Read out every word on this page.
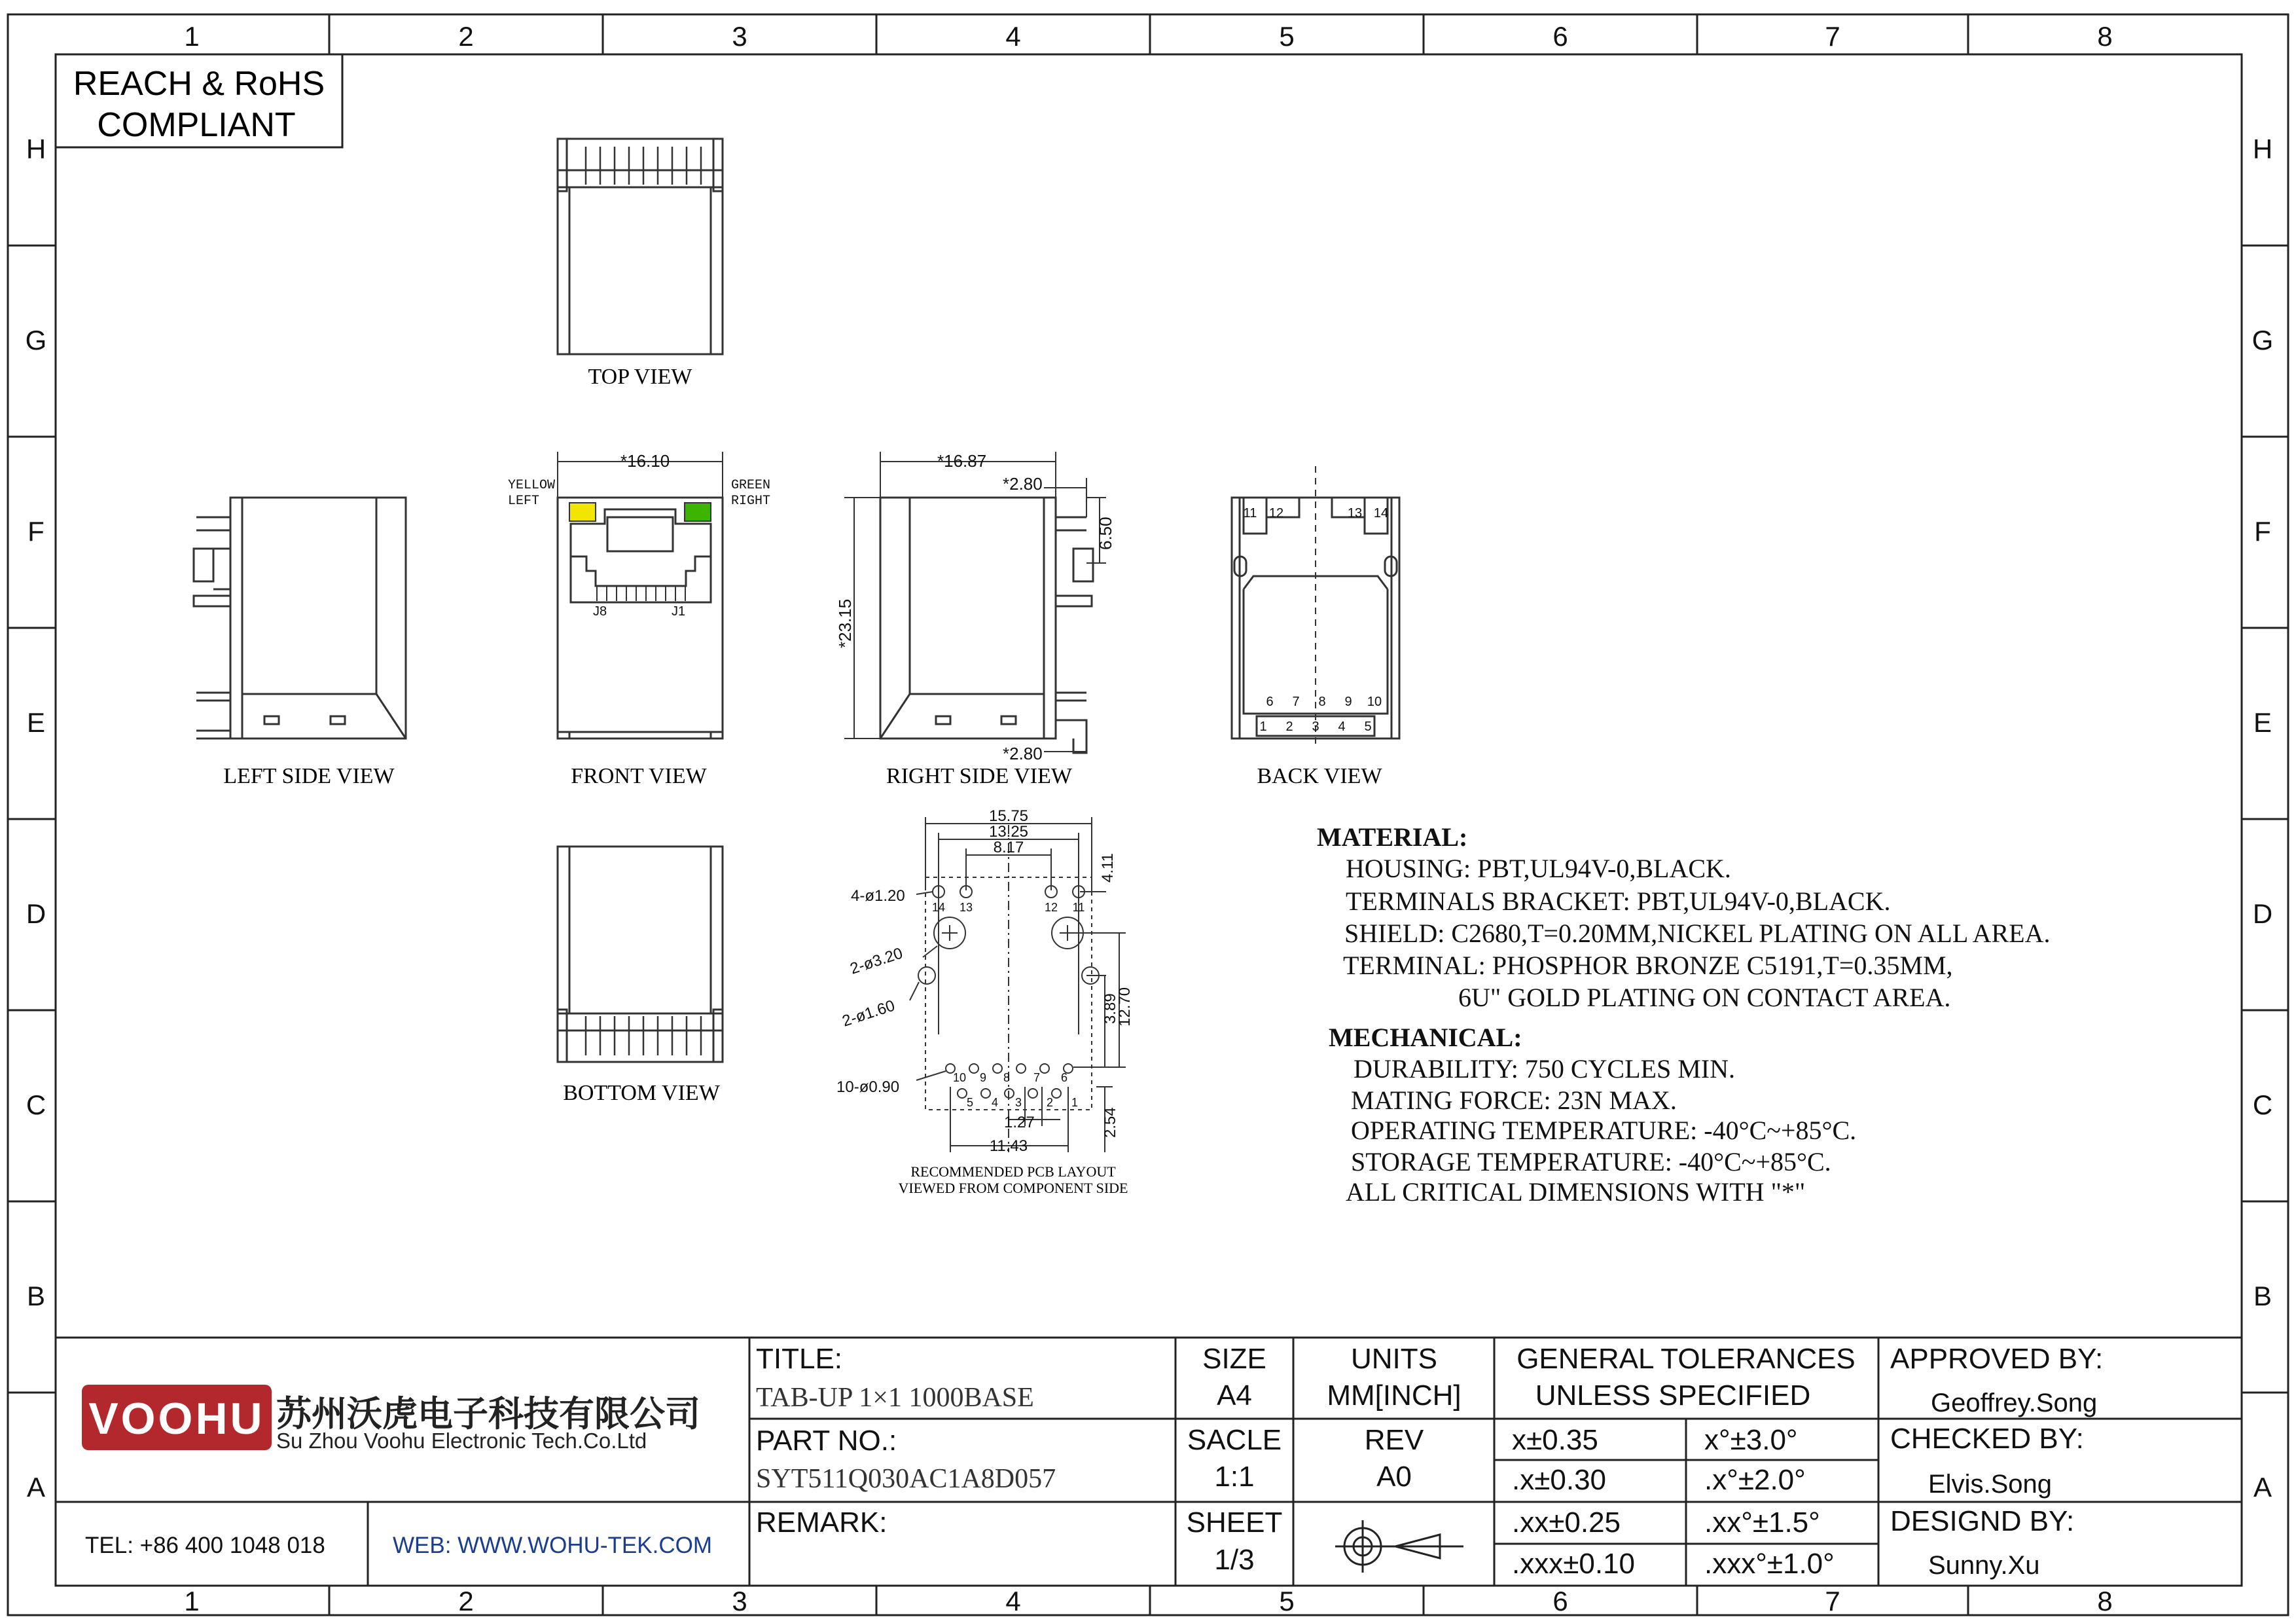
1	2	3	4	5	6	7	8
1	2	3	4	5	6	7	8
H
G
F
E
D
C
B
A
H
G
F
E
D
C
B
A
REACH & RoHS
COMPLIANT
TOP VIEW
BOTTOM VIEW
LEFT SIDE VIEW
*16.10
YELLOW
LEFT
GREEN
RIGHT
J8	J1
FRONT VIEW
*16.87
*2.80
*2.80
6.50
*23.15
RIGHT SIDE VIEW
11 12	13 14
6 7 8 9 10
1 2 3 4 5
BACK VIEW
15.75
13.25
8.17
4.11
12.70
3.89
2.54
1.27
11.43
4-ø1.20
2-ø3.20
2-ø1.60
10-ø0.90
14 13	12 11
10 9 8 7 6
5 4 3 2 1
RECOMMENDED PCB LAYOUT
VIEWED FROM COMPONENT SIDE
MATERIAL:
HOUSING: PBT,UL94V-0,BLACK.
TERMINALS BRACKET: PBT,UL94V-0,BLACK.
SHIELD: C2680,T=0.20MM,NICKEL PLATING ON ALL AREA.
TERMINAL: PHOSPHOR BRONZE C5191,T=0.35MM,
6U" GOLD PLATING ON CONTACT AREA.
MECHANICAL:
DURABILITY: 750 CYCLES MIN.
MATING FORCE: 23N MAX.
OPERATING TEMPERATURE: -40°C~+85°C.
STORAGE TEMPERATURE: -40°C~+85°C.
ALL CRITICAL DIMENSIONS WITH "*"
VOOHU 苏州沃虎电子科技有限公司
Su Zhou Voohu Electronic Tech.Co.Ltd
TEL: +86 400 1048 018	WEB: WWW.WOHU-TEK.COM
TITLE:
TAB-UP 1×1 1000BASE
PART NO.:
SYT511Q030AC1A8D057
REMARK:
SIZE
A4
UNITS
MM[INCH]
SACLE
1:1
REV
A0
SHEET
1/3
GENERAL TOLERANCES
UNLESS SPECIFIED
x±0.35	x°±3.0°
.x±0.30	.x°±2.0°
.xx±0.25	.xx°±1.5°
.xxx±0.10 .xxx°±1.0°
APPROVED BY:
Geoffrey.Song
CHECKED BY:
Elvis.Song
DESIGND BY:
Sunny.Xu
